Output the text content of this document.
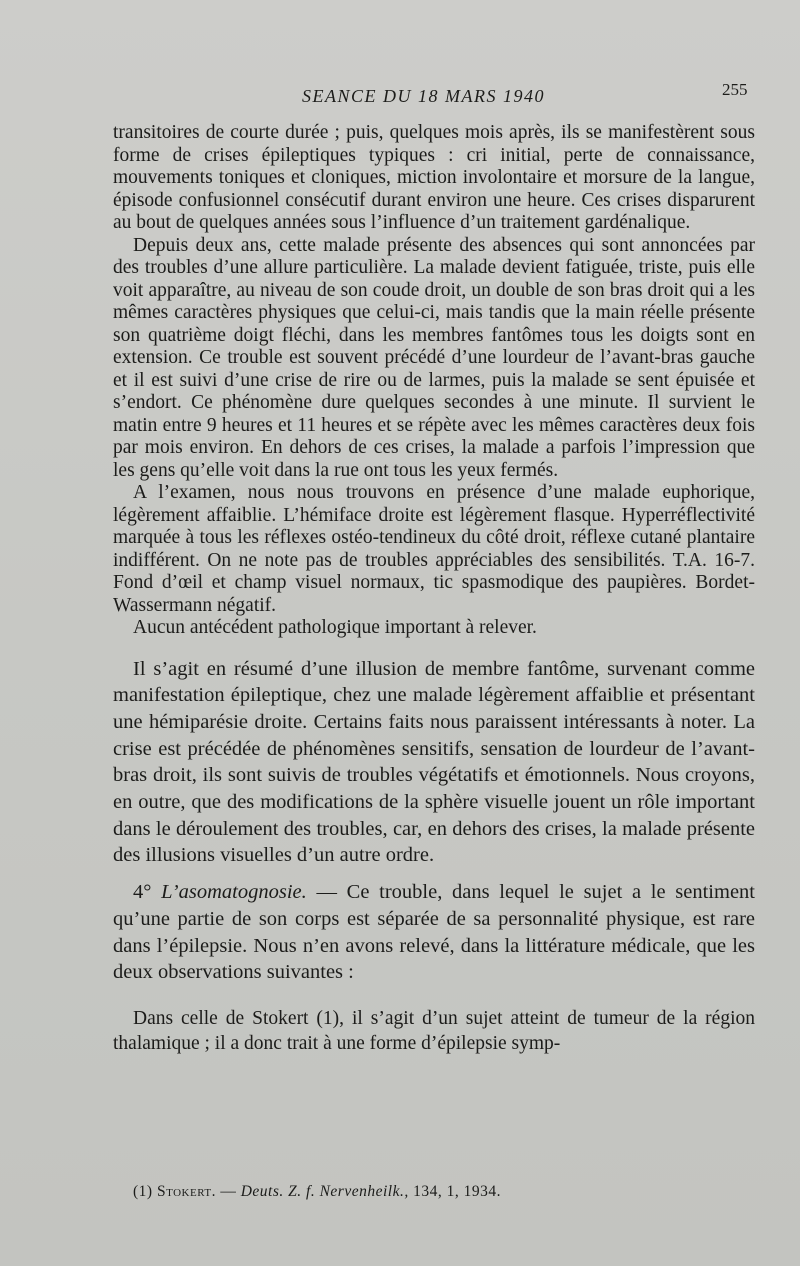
SEANCE DU 18 MARS 1940	255

transitoires de courte durée ; puis, quelques mois après, ils se manifestèrent sous forme de crises épileptiques typiques : cri initial, perte de connaissance, mouvements toniques et cloniques, miction involontaire et morsure de la langue, épisode confusionnel consécutif durant environ une heure. Ces crises disparurent au bout de quelques années sous l’influence d’un traitement gardénalique.

Depuis deux ans, cette malade présente des absences qui sont annoncées par des troubles d’une allure particulière. La malade devient fatiguée, triste, puis elle voit apparaître, au niveau de son coude droit, un double de son bras droit qui a les mêmes caractères physiques que celui-ci, mais tandis que la main réelle présente son quatrième doigt fléchi, dans les membres fantômes tous les doigts sont en extension. Ce trouble est souvent précédé d’une lourdeur de l’avant-bras gauche et il est suivi d’une crise de rire ou de larmes, puis la malade se sent épuisée et s’endort. Ce phénomène dure quelques secondes à une minute. Il survient le matin entre 9 heures et 11 heures et se répète avec les mêmes caractères deux fois par mois environ. En dehors de ces crises, la malade a parfois l’impression que les gens qu’elle voit dans la rue ont tous les yeux fermés.

A l’examen, nous nous trouvons en présence d’une malade euphorique, légèrement affaiblie. L’hémiface droite est légèrement flasque. Hyperréflectivité marquée à tous les réflexes ostéo-tendineux du côté droit, réflexe cutané plantaire indifférent. On ne note pas de troubles appréciables des sensibilités. T.A. 16-7. Fond d’œil et champ visuel normaux, tic spasmodique des paupières. Bordet-Wassermann négatif.

Aucun antécédent pathologique important à relever.

Il s’agit en résumé d’une illusion de membre fantôme, survenant comme manifestation épileptique, chez une malade légèrement affaiblie et présentant une hémiparésie droite. Certains faits nous paraissent intéressants à noter. La crise est précédée de phénomènes sensitifs, sensation de lourdeur de l’avant-bras droit, ils sont suivis de troubles végétatifs et émotionnels. Nous croyons, en outre, que des modifications de la sphère visuelle jouent un rôle important dans le déroulement des troubles, car, en dehors des crises, la malade présente des illusions visuelles d’un autre ordre.

4° L’asomatognosie. — Ce trouble, dans lequel le sujet a le sentiment qu’une partie de son corps est séparée de sa personnalité physique, est rare dans l’épilepsie. Nous n’en avons relevé, dans la littérature médicale, que les deux observations suivantes :

Dans celle de Stokert (1), il s’agit d’un sujet atteint de tumeur de la région thalamique ; il a donc trait à une forme d’épilepsie symp-

(1) Stokert. — Deuts. Z. f. Nervenheilk., 134, 1, 1934.
